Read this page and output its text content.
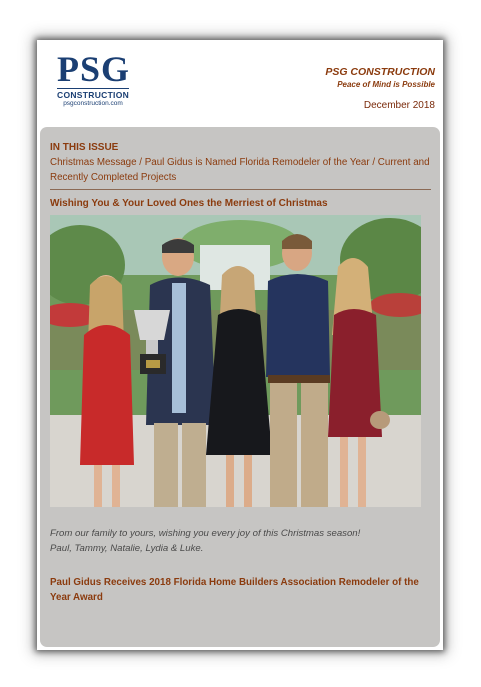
PSG
CONSTRUCTION
psgconstruction.com
PSG CONSTRUCTION
Peace of Mind is Possible
December 2018
IN THIS ISSUE
Christmas Message / Paul Gidus is Named Florida Remodeler of the Year / Current and Recently Completed Projects
Wishing You & Your Loved Ones the Merriest of Christmas
From our family to yours, wishing you every joy of this Christmas season!
Paul, Tammy, Natalie, Lydia & Luke.
Paul Gidus Receives 2018 Florida Home Builders Association Remodeler of the Year Award
